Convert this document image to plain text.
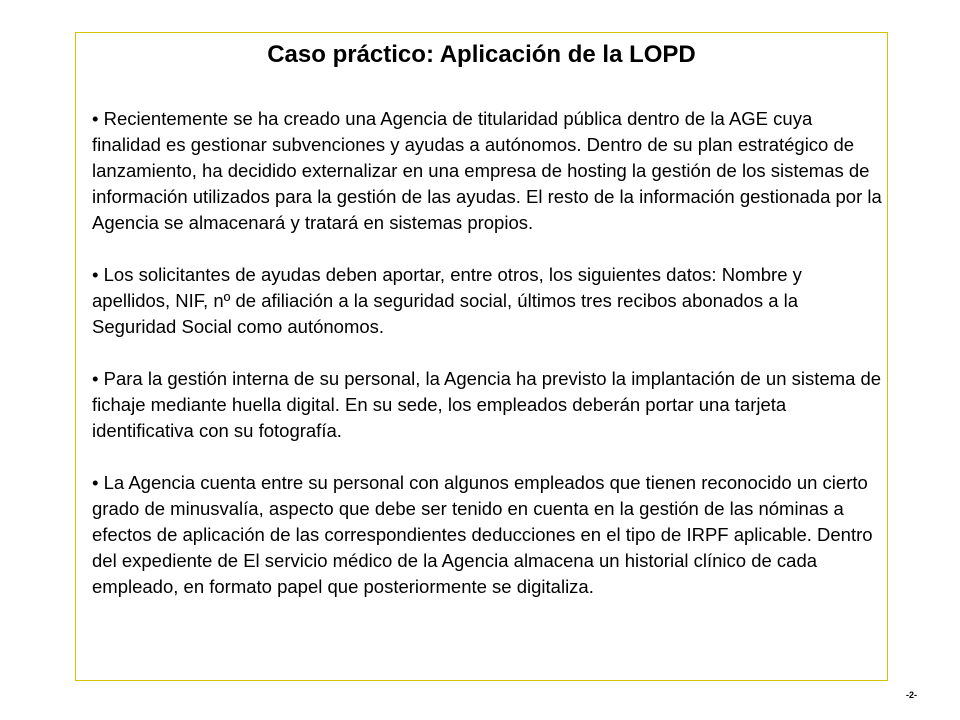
Caso práctico: Aplicación de la LOPD

• Recientemente se ha creado una Agencia de titularidad pública dentro de la AGE cuya finalidad es gestionar subvenciones y ayudas a autónomos. Dentro de su plan estratégico de lanzamiento, ha decidido externalizar en una empresa de hosting la gestión de los sistemas de información utilizados para la gestión de las ayudas. El resto de la información gestionada por la Agencia se almacenará y tratará en sistemas propios.

• Los solicitantes de ayudas deben aportar, entre otros, los siguientes datos: Nombre y apellidos, NIF, nº de afiliación a la seguridad social, últimos tres recibos abonados a la Seguridad Social como autónomos.

• Para la gestión interna de su personal, la Agencia ha previsto la implantación de un sistema de fichaje mediante huella digital. En su sede, los empleados deberán portar una tarjeta identificativa con su fotografía.

• La Agencia cuenta entre su personal con algunos empleados que tienen reconocido un cierto grado de minusvalía, aspecto que debe ser tenido en cuenta en la gestión de las nóminas a efectos de aplicación de las correspondientes deducciones en el tipo de IRPF aplicable. Dentro del expediente de El servicio médico de la Agencia almacena un historial clínico de cada empleado, en formato papel que posteriormente se digitaliza.

-2-
